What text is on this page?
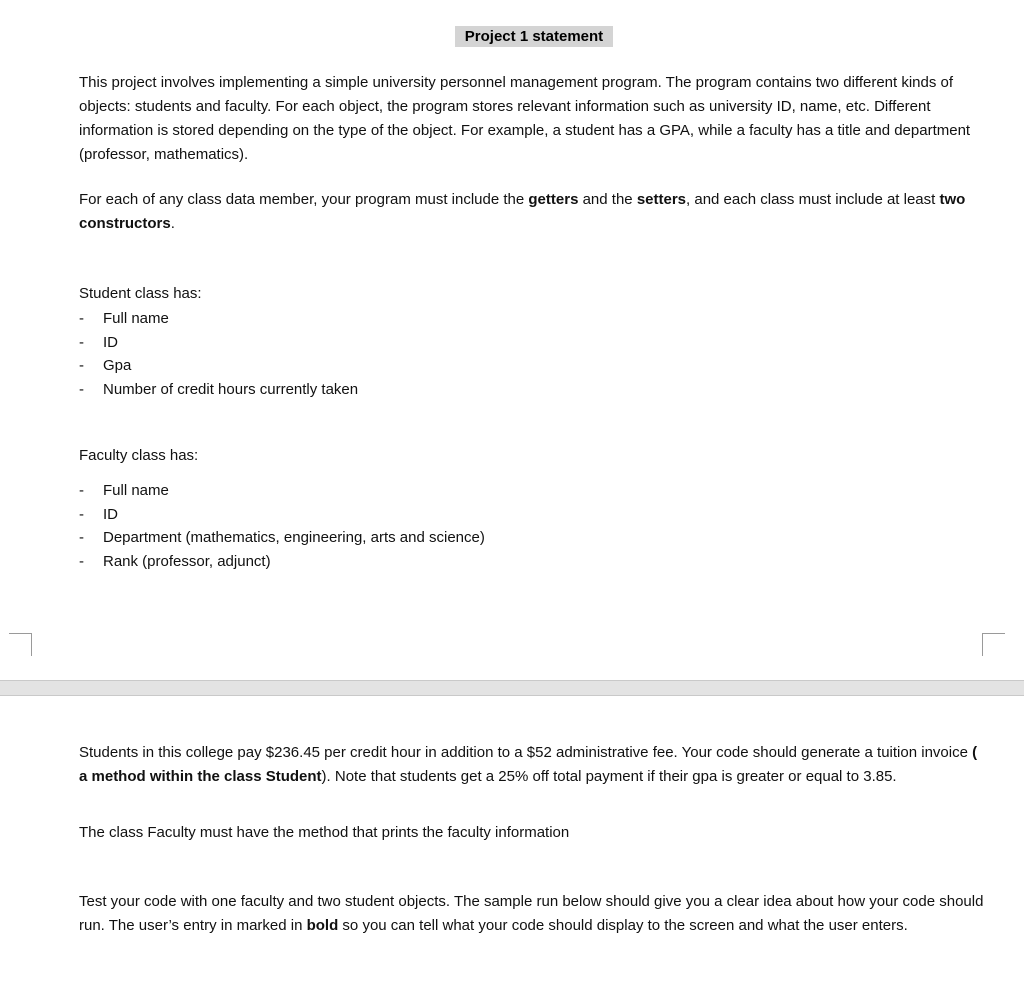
Project 1 statement

This project involves implementing a simple university personnel management program. The program contains two different kinds of objects: students and faculty. For each object, the program stores relevant information such as university ID, name, etc. Different information is stored depending on the type of the object. For example, a student has a GPA, while a faculty has a title and department (professor, mathematics).

For each of any class data member, your program must include the getters and the setters, and each class must include at least two constructors.

Student class has:
-	Full name
-	ID
-	Gpa
-	Number of credit hours currently taken
Faculty class has:
-	Full name
-	ID
-	Department (mathematics, engineering, arts and science)
-	Rank (professor, adjunct)

Students in this college pay $236.45 per credit hour in addition to a $52 administrative fee. Your code should generate a tuition invoice ( a method within the class Student). Note that students get a 25% off total payment if their gpa is greater or equal to 3.85.

The class Faculty must have the method that prints the faculty information

Test your code with one faculty and two student objects. The sample run below should give you a clear idea about how your code should run. The user’s entry in marked in bold so you can tell what your code should display to the screen and what the user enters.
